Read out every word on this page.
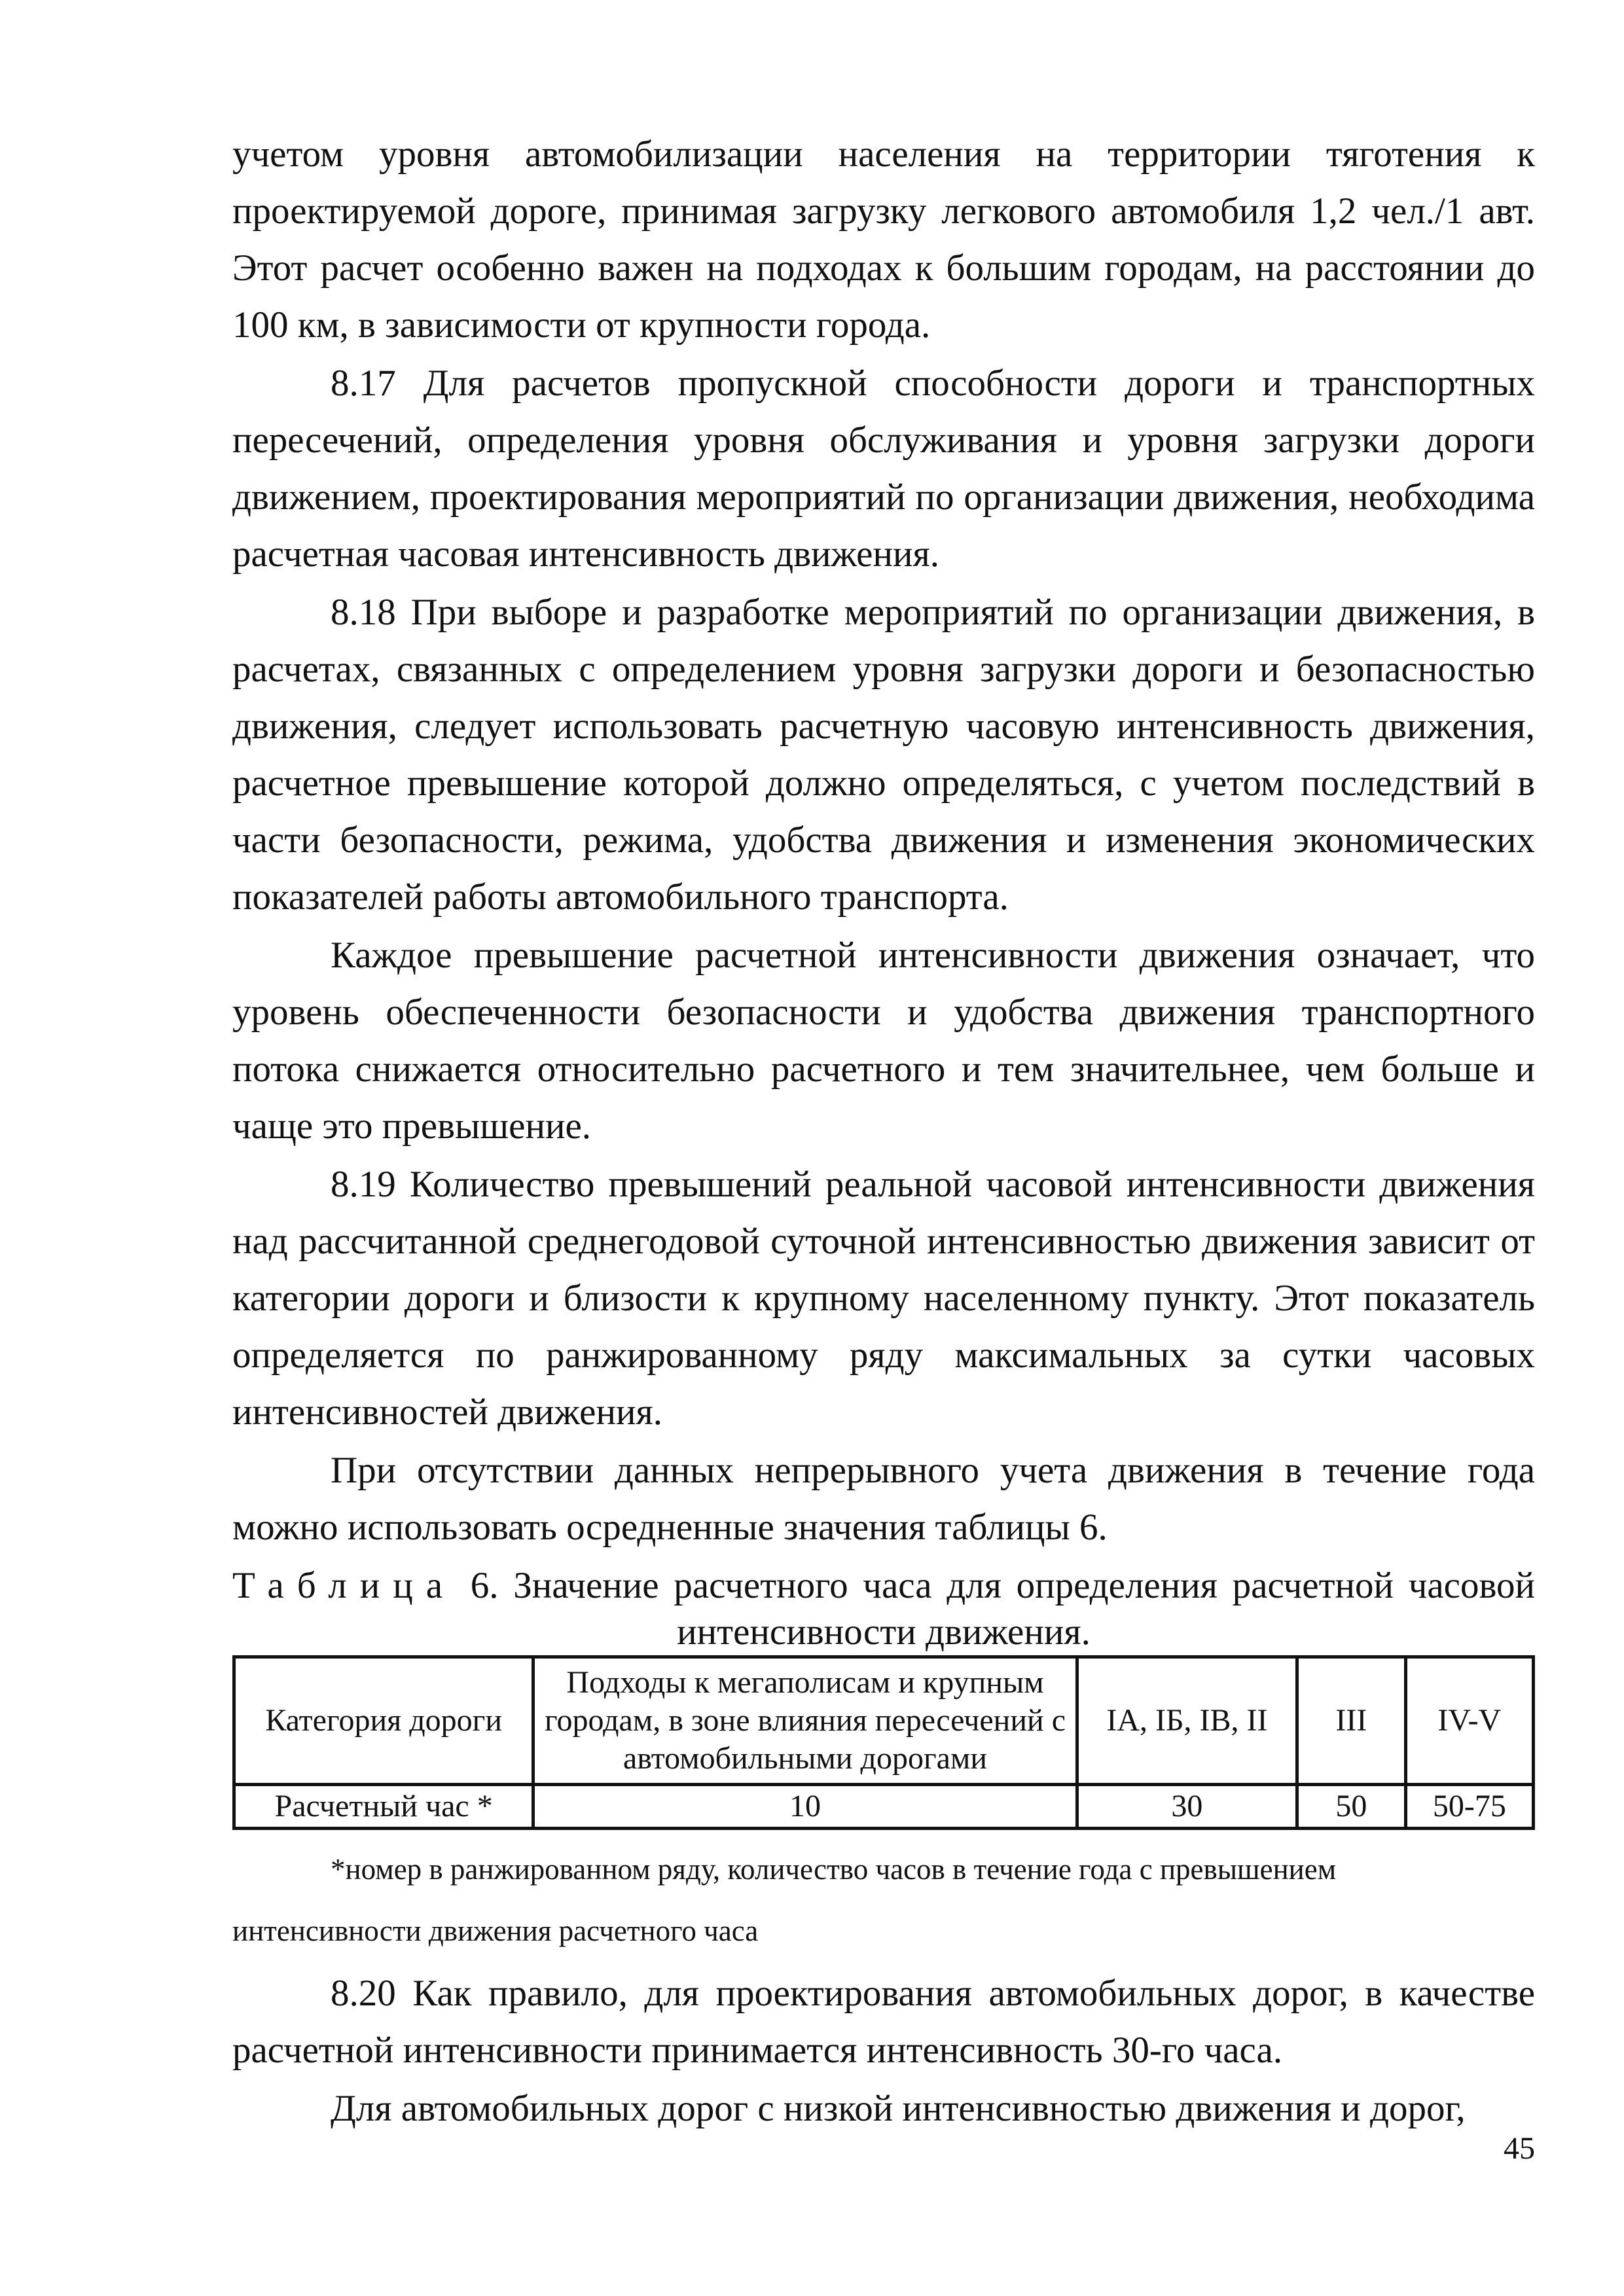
учетом уровня автомобилизации населения на территории тяготения к проектируемой дороге, принимая загрузку легкового автомобиля 1,2 чел./1 авт. Этот расчет особенно важен на подходах к большим городам, на расстоянии до 100 км, в зависимости от крупности города.

8.17 Для расчетов пропускной способности дороги и транспортных пересечений, определения уровня обслуживания и уровня загрузки дороги движением, проектирования мероприятий по организации движения, необходима расчетная часовая интенсивность движения.

8.18 При выборе и разработке мероприятий по организации движения, в расчетах, связанных с определением уровня загрузки дороги и безопасностью движения, следует использовать расчетную часовую интенсивность движения, расчетное превышение которой должно определяться, с учетом последствий в части безопасности, режима, удобства движения и изменения экономических показателей работы автомобильного транспорта.

Каждое превышение расчетной интенсивности движения означает, что уровень обеспеченности безопасности и удобства движения транспортного потока снижается относительно расчетного и тем значительнее, чем больше и чаще это превышение.

8.19 Количество превышений реальной часовой интенсивности движения над рассчитанной среднегодовой суточной интенсивностью движения зависит от категории дороги и близости к крупному населенному пункту. Этот показатель определяется по ранжированному ряду максимальных за сутки часовых интенсивностей движения.

При отсутствии данных непрерывного учета движения в течение года можно использовать осредненные значения таблицы 6.

Таблица 6. Значение расчетного часа для определения расчетной часовой
интенсивности движения.
Категория дороги	Подходы к мегаполисам и крупным городам, в зоне влияния пересечений с автомобильными дорогами	IA, IБ, IB, II	III	IV-V
Расчетный час *	10	30	50	50-75

*номер в ранжированном ряду, количество часов в течение года с превышением

интенсивности движения расчетного часа

8.20 Как правило, для проектирования автомобильных дорог, в качестве расчетной интенсивности принимается интенсивность 30-го часа.

Для автомобильных дорог с низкой интенсивностью движения и дорог,

45
